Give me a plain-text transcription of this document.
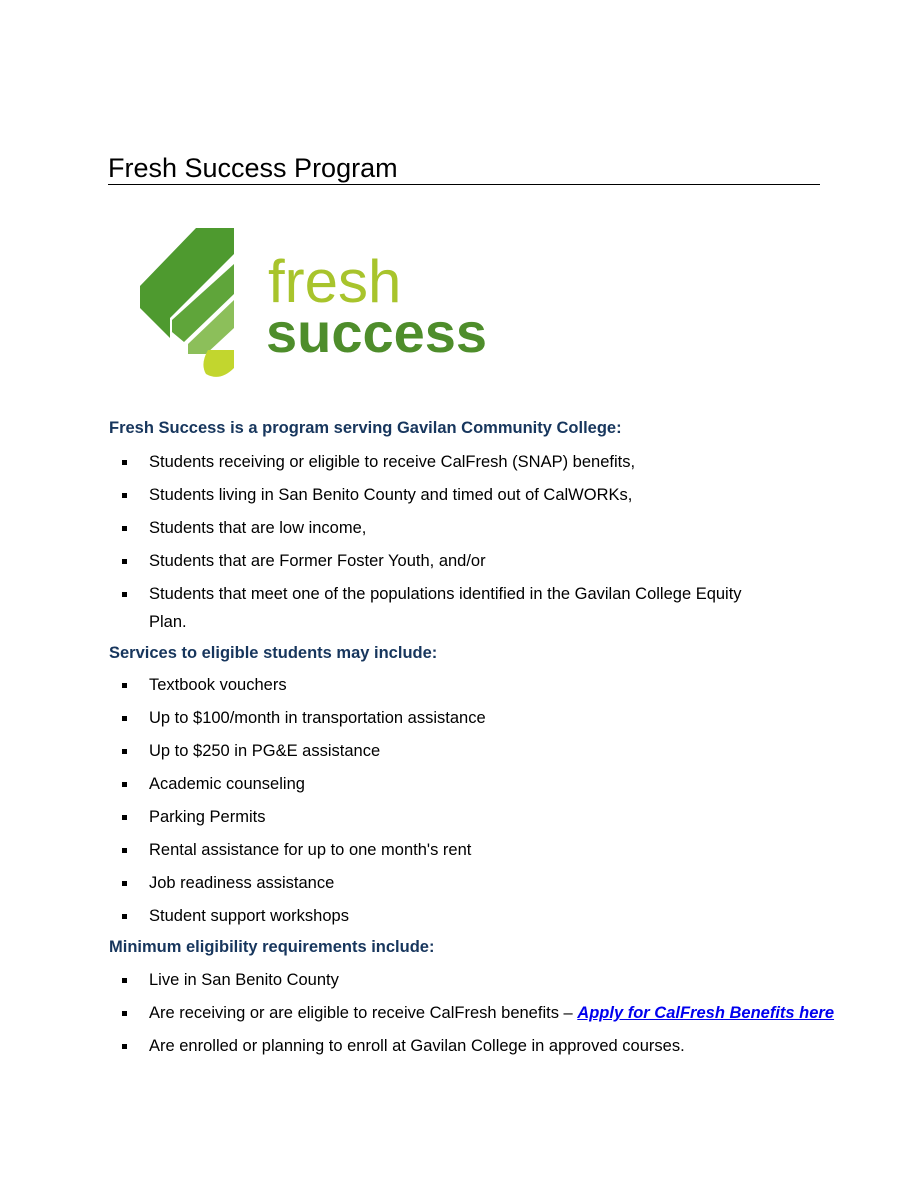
Fresh Success Program
fresh
success
Fresh Success is a program serving Gavilan Community College:
Students receiving or eligible to receive CalFresh (SNAP) benefits,
Students living in San Benito County and timed out of CalWORKs,
Students that are low income,
Students that are Former Foster Youth, and/or
Students that meet one of the populations identified in the Gavilan College Equity Plan.
Services to eligible students may include:
Textbook vouchers
Up to $100/month in transportation assistance
Up to $250 in PG&E assistance
Academic counseling
Parking Permits
Rental assistance for up to one month's rent
Job readiness assistance
Student support workshops
Minimum eligibility requirements include:
Live in San Benito County
Are receiving or are eligible to receive CalFresh benefits – Apply for CalFresh Benefits here
Are enrolled or planning to enroll at Gavilan College in approved courses.
